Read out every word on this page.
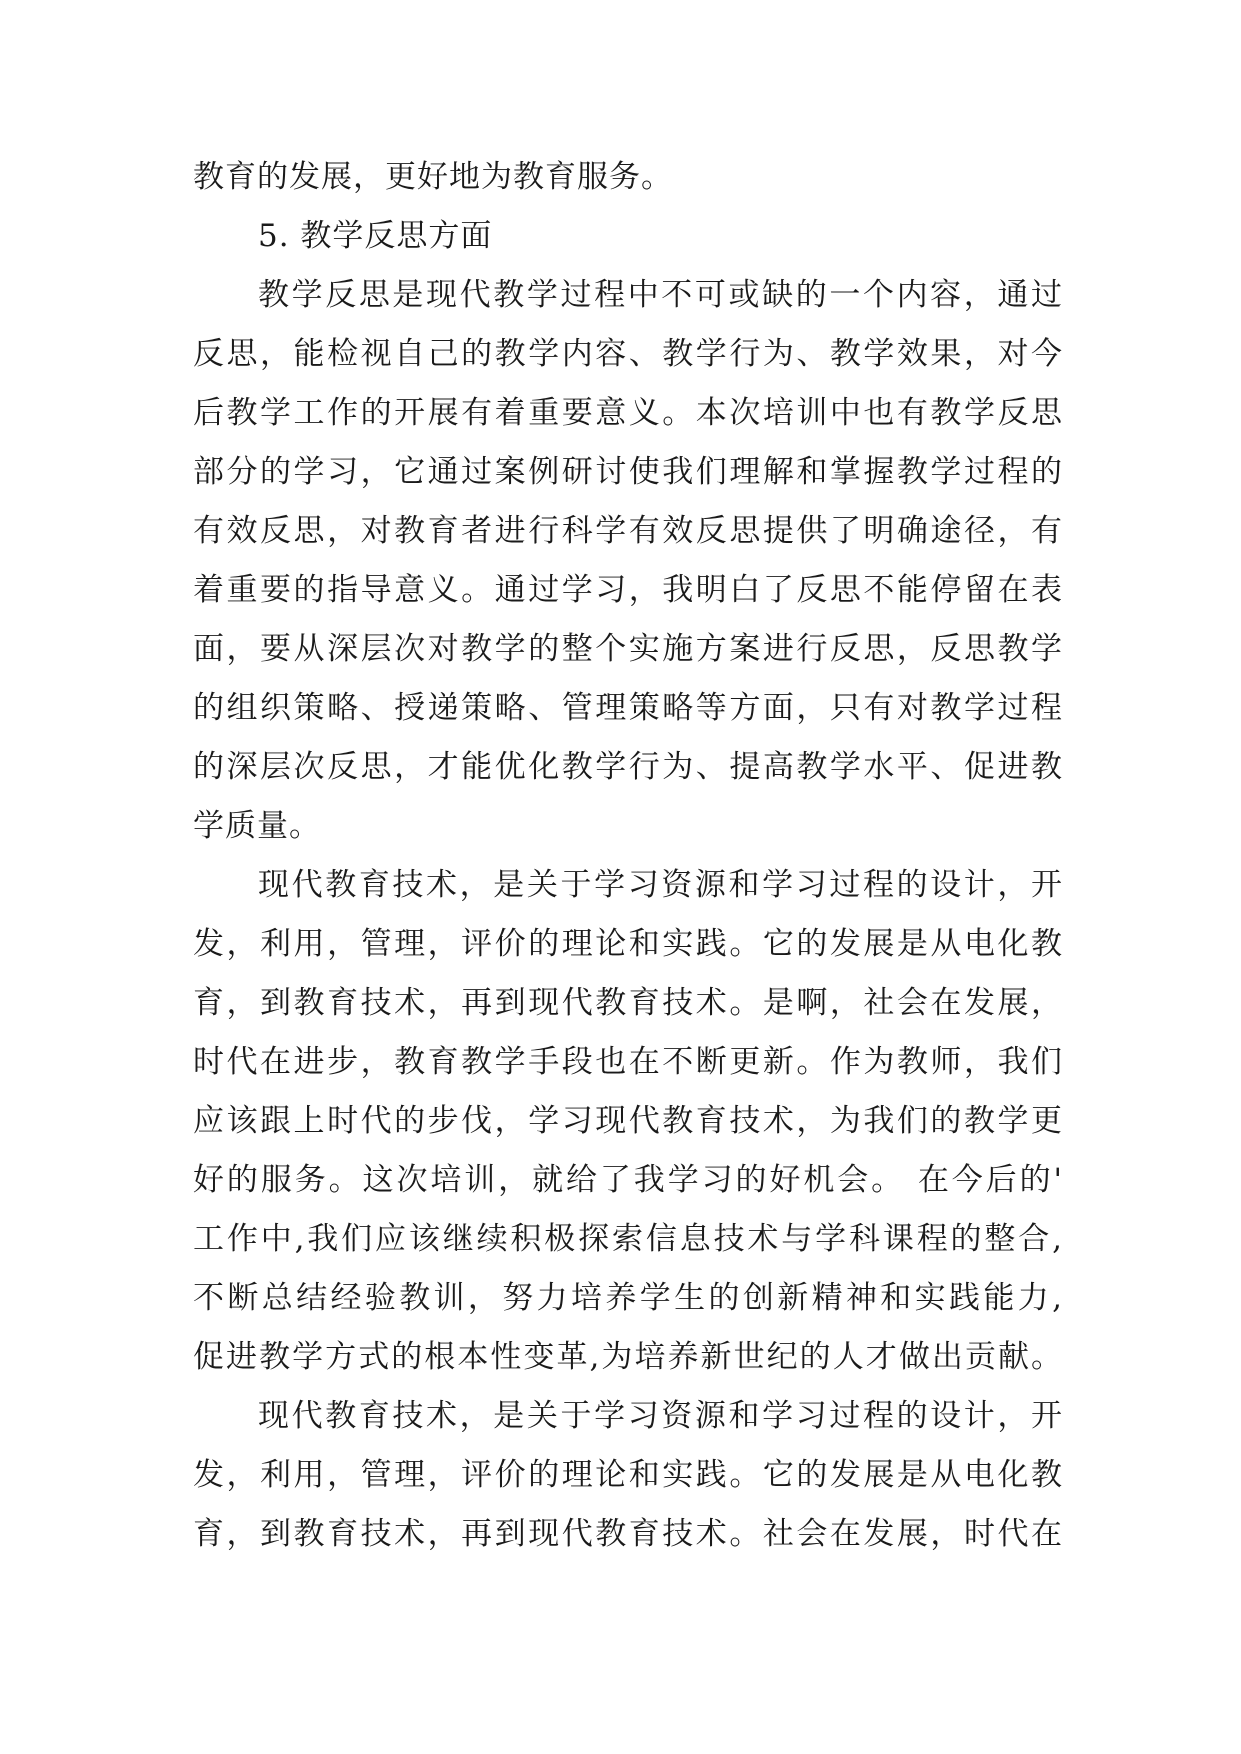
教育的发展，更好地为教育服务。

5. 教学反思方面

教学反思是现代教学过程中不可或缺的一个内容，通过

反思，能检视自己的教学内容、教学行为、教学效果，对今

后教学工作的开展有着重要意义。本次培训中也有教学反思

部分的学习，它通过案例研讨使我们理解和掌握教学过程的

有效反思，对教育者进行科学有效反思提供了明确途径，有

着重要的指导意义。通过学习，我明白了反思不能停留在表

面，要从深层次对教学的整个实施方案进行反思，反思教学

的组织策略、授递策略、管理策略等方面，只有对教学过程

的深层次反思，才能优化教学行为、提高教学水平、促进教

学质量。

现代教育技术，是关于学习资源和学习过程的设计，开

发，利用，管理，评价的理论和实践。它的发展是从电化教

育，到教育技术，再到现代教育技术。是啊，社会在发展，

时代在进步，教育教学手段也在不断更新。作为教师，我们

应该跟上时代的步伐，学习现代教育技术，为我们的教学更

好的服务。这次培训，就给了我学习的好机会。 在今后的'

工作中,我们应该继续积极探索信息技术与学科课程的整合,

不断总结经验教训，努力培养学生的创新精神和实践能力,

促进教学方式的根本性变革,为培养新世纪的人才做出贡献。

现代教育技术，是关于学习资源和学习过程的设计，开

发，利用，管理，评价的理论和实践。它的发展是从电化教

育，到教育技术，再到现代教育技术。社会在发展，时代在
